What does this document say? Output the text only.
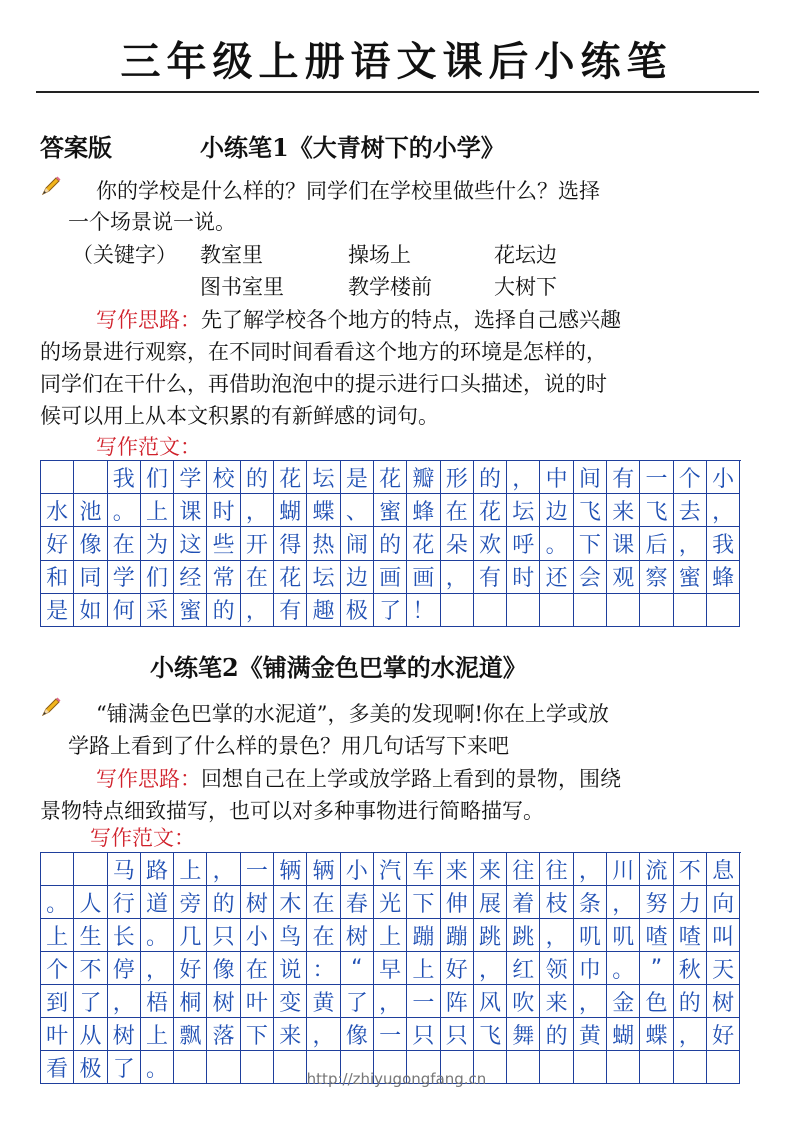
三年级上册语文课后小练笔
答案版	小练笔1《大青树下的小学》
你的学校是什么样的？同学们在学校里做些什么？选择
一个场景说一说。
（关键字） 教室里	操场上	花坛边
图书室里	教学楼前	大树下
写作思路：先了解学校各个地方的特点，选择自己感兴趣
的场景进行观察，在不同时间看看这个地方的环境是怎样的，
同学们在干什么，再借助泡泡中的提示进行口头描述，说的时
候可以用上从本文积累的有新鲜感的词句。
写作范文：
我 们 学 校 的 花 坛 是 花 瓣 形 的 ， 中 间 有 一 个 小
水 池 。 上 课 时 ， 蝴 蝶 、 蜜 蜂 在 花 坛 边 飞 来 飞 去 ，
好 像 在 为 这 些 开 得 热 闹 的 花 朵 欢 呼 。 下 课 后 ， 我
和 同 学 们 经 常 在 花 坛 边 画 画 ， 有 时 还 会 观 察 蜜 蜂
是 如 何 采 蜜 的 ， 有 趣 极 了 ！
小练笔2《铺满金色巴掌的水泥道》
“铺满金色巴掌的水泥道”，多美的发现啊!你在上学或放
学路上看到了什么样的景色？用几句话写下来吧
写作思路：回想自己在上学或放学路上看到的景物，围绕
景物特点细致描写，也可以对多种事物进行简略描写。
写作范文：
马 路 上 ， 一 辆 辆 小 汽 车 来 来 往 往 ， 川 流 不 息
。 人 行 道 旁 的 树 木 在 春 光 下 伸 展 着 枝 条 ， 努 力 向
上 生 长 。 几 只 小 鸟 在 树 上 蹦 蹦 跳 跳 ， 叽 叽 喳 喳 叫
个 不 停 ， 好 像 在 说 ： “ 早 上 好 ， 红 领 巾 。 ” 秋 天
到 了 ， 梧 桐 树 叶 变 黄 了 ， 一 阵 风 吹 来 ， 金 色 的 树
叶 从 树 上 飘 落 下 来 ， 像 一 只 只 飞 舞 的 黄 蝴 蝶 ， 好
看 极 了 。	http://zhiyugongfang.cn
